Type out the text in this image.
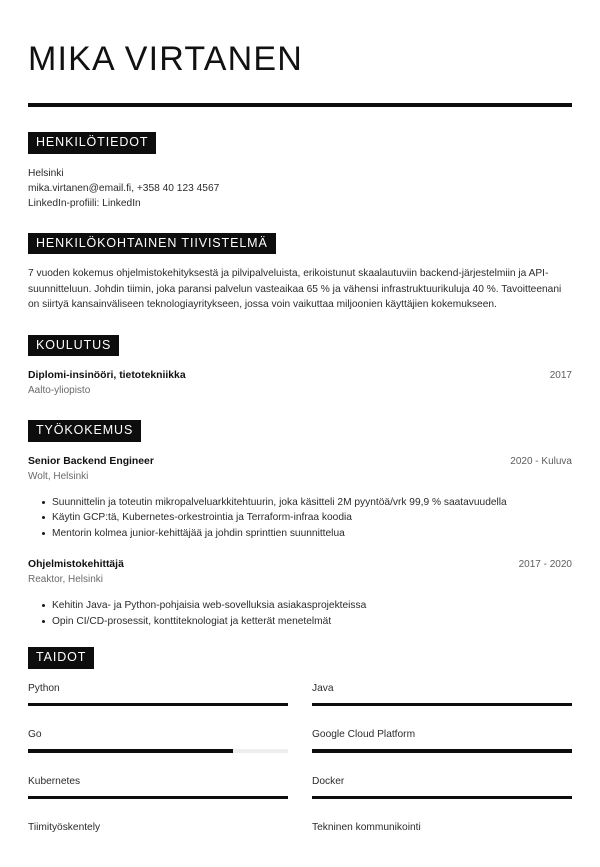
MIKA VIRTANEN
HENKILÖTIEDOT
Helsinki
mika.virtanen@email.fi, +358 40 123 4567
LinkedIn-profiili: LinkedIn
HENKILÖKOHTAINEN TIIVISTELMÄ

7 vuoden kokemus ohjelmistokehityksestä ja pilvipalveluista, erikoistunut skaalautuviin backend-järjestelmiin ja API-suunnitteluun. Johdin tiimin, joka paransi palvelun vasteaikaa 65 % ja vähensi infrastruktuurikuluja 40 %. Tavoitteenani on siirtyä kansainväliseen teknologiayritykseen, jossa voin vaikuttaa miljoonien käyttäjien kokemukseen.

KOULUTUS
Diplomi-insinööri, tietotekniikka	2017
Aalto-yliopisto
TYÖKOKEMUS
Senior Backend Engineer	2020 - Kuluva
Wolt, Helsinki
Suunnittelin ja toteutin mikropalveluarkkitehtuurin, joka käsitteli 2M pyyntöä/vrk 99,9 % saatavuudella
Käytin GCP:tä, Kubernetes-orkestrointia ja Terraform-infraa koodia
Mentorin kolmea junior-kehittäjää ja johdin sprinttien suunnittelua
Ohjelmistokehittäjä	2017 - 2020
Reaktor, Helsinki
Kehitin Java- ja Python-pohjaisia web-sovelluksia asiakasprojekteissa
Opin CI/CD-prosessit, konttiteknologiat ja ketterät menetelmät
TAIDOT
Python	Java
Go	Google Cloud Platform
Kubernetes	Docker
Tiimityöskentely	Tekninen kommunikointi
